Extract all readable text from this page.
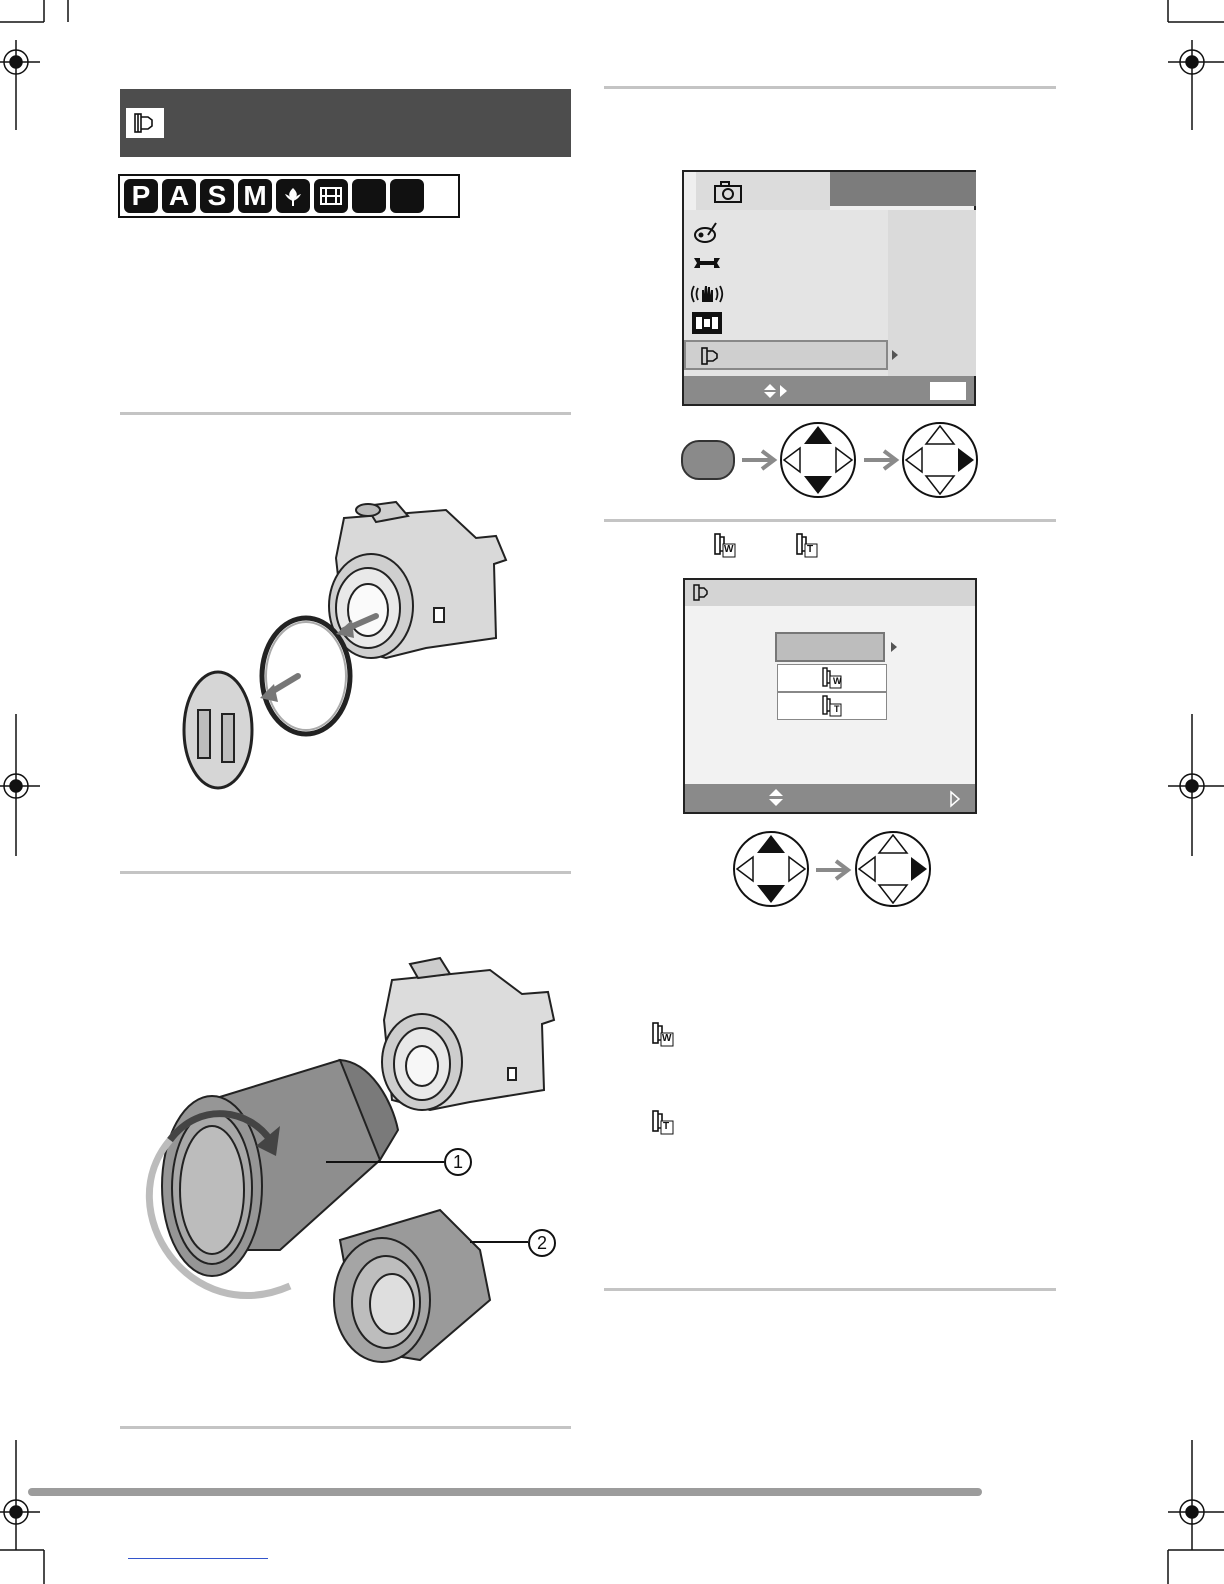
P A S M
1
2
W	T
W
T
W
T
